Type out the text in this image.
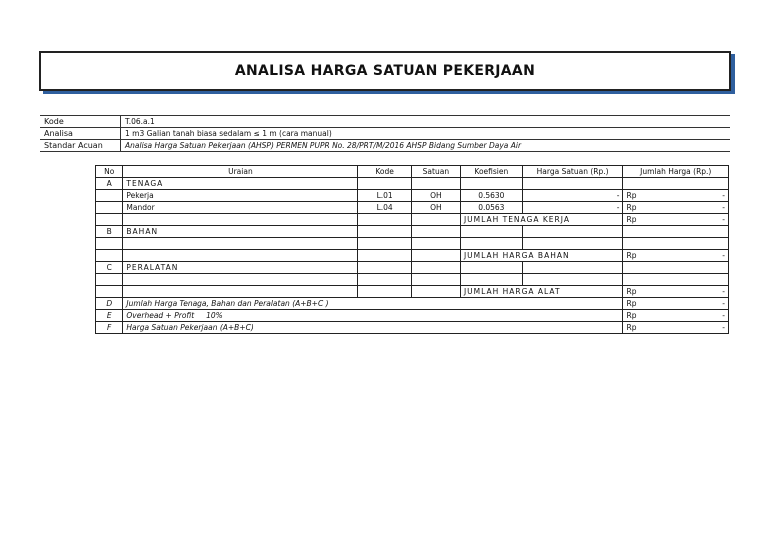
ANALISA HARGA SATUAN PEKERJAAN
Kode	T.06.a.1
Analisa	1 m3 Galian tanah biasa sedalam ≤ 1 m (cara manual)
Standar Acuan	Analisa Harga Satuan Pekerjaan (AHSP) PERMEN PUPR No. 28/PRT/M/2016 AHSP Bidang Sumber Daya Air
No	Uraian	Kode	Satuan	Koefisien	Harga Satuan (Rp.)	Jumlah Harga (Rp.)
A	TENAGA					
	Pekerja	L.01	OH	0.5630	-	Rp -

	Mandor	L.04	OH	0.0563	-	Rp -

				JUMLAH TENAGA KERJA		Rp -

B	BAHAN					

				JUMLAH HARGA BAHAN		Rp -

C	PERALATAN					

				JUMLAH HARGA ALAT		Rp -

D	Jumlah Harga Tenaga, Bahan dan Peralatan (A+B+C )					Rp -

E	Overhead + Profit     10%					Rp -

F	Harga Satuan Pekerjaan (A+B+C)					Rp -
